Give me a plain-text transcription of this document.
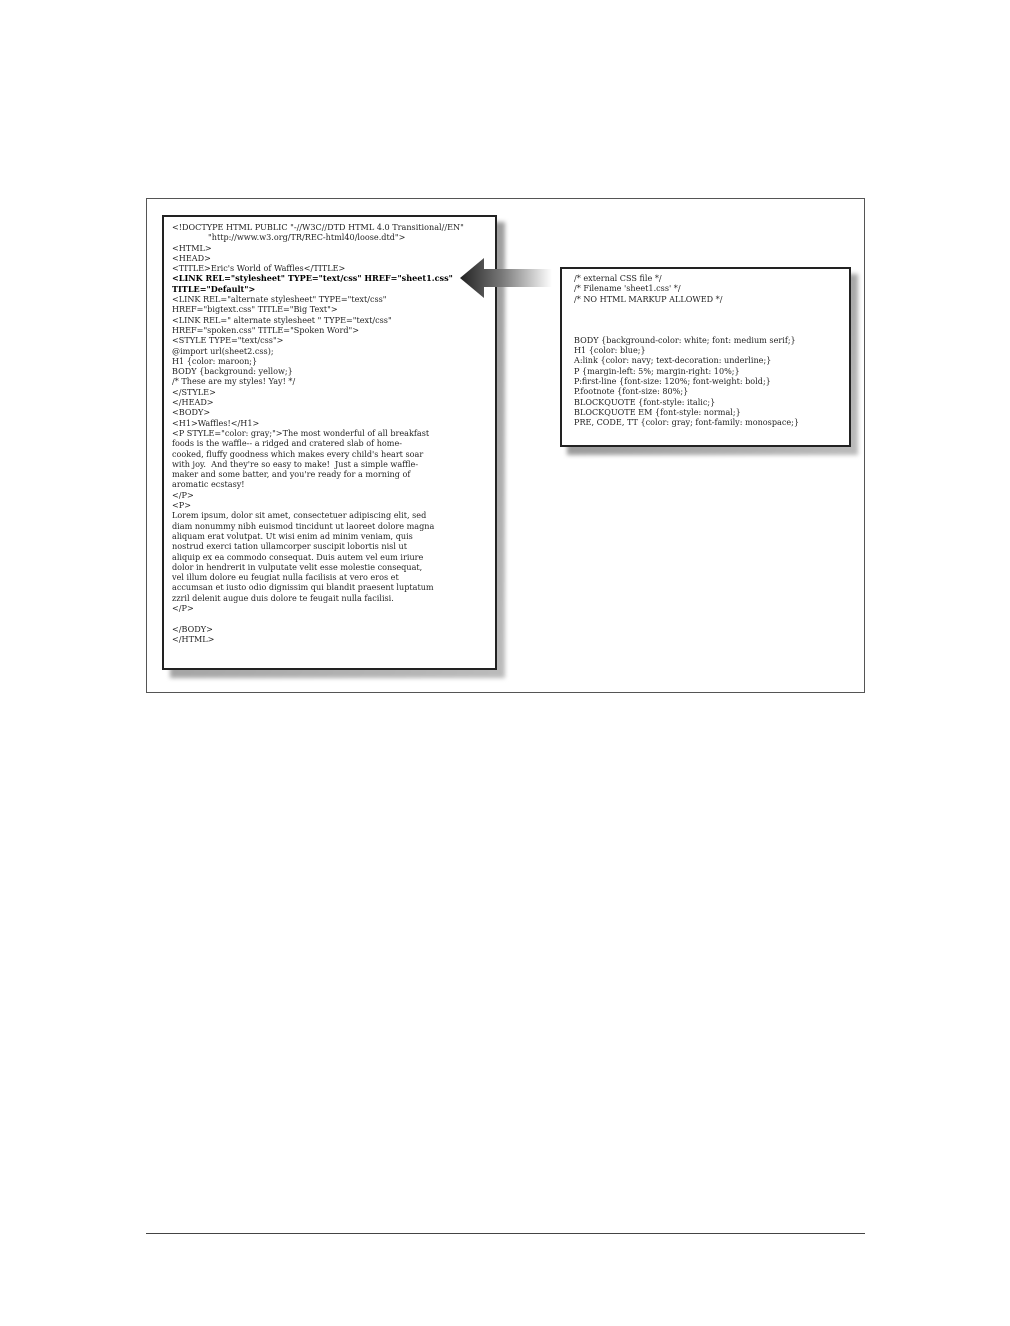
<!DOCTYPE HTML PUBLIC "-//W3C//DTD HTML 4.0 Transitional//EN"
"http://www.w3.org/TR/REC-html40/loose.dtd">
<HTML>
<HEAD>
<TITLE>Eric's World of Waffles</TITLE>
<LINK REL="stylesheet" TYPE="text/css" HREF="sheet1.css"
TITLE="Default">
<LINK REL="alternate stylesheet" TYPE="text/css"
HREF="bigtext.css" TITLE="Big Text">
<LINK REL=" alternate stylesheet " TYPE="text/css"
HREF="spoken.css" TITLE="Spoken Word">
<STYLE TYPE="text/css">
@import url(sheet2.css);
H1 {color: maroon;}
BODY {background: yellow;}
/* These are my styles! Yay! */
</STYLE>
</HEAD>
<BODY>
<H1>Waffles!</H1>
<P STYLE="color: gray;">The most wonderful of all breakfast
foods is the waffle-- a ridged and cratered slab of home-
cooked, fluffy goodness which makes every child's heart soar
with joy.  And they're so easy to make!  Just a simple waffle-
maker and some batter, and you're ready for a morning of
aromatic ecstasy!
</P>
<P>
Lorem ipsum, dolor sit amet, consectetuer adipiscing elit, sed
diam nonummy nibh euismod tincidunt ut laoreet dolore magna
aliquam erat volutpat. Ut wisi enim ad minim veniam, quis
nostrud exerci tation ullamcorper suscipit lobortis nisl ut
aliquip ex ea commodo consequat. Duis autem vel eum iriure
dolor in hendrerit in vulputate velit esse molestie consequat,
vel illum dolore eu feugiat nulla facilisis at vero eros et
accumsan et iusto odio dignissim qui blandit praesent luptatum
zzril delenit augue duis dolore te feugait nulla facilisi.
</P>
</BODY>
</HTML>
/* external CSS file */
/* Filename 'sheet1.css' */
/* NO HTML MARKUP ALLOWED */
BODY {background-color: white; font: medium serif;}
H1 {color: blue;}
A:link {color: navy; text-decoration: underline;}
P {margin-left: 5%; margin-right: 10%;}
P:first-line {font-size: 120%; font-weight: bold;}
P.footnote {font-size: 80%;}
BLOCKQUOTE {font-style: italic;}
BLOCKQUOTE EM {font-style: normal;}
PRE, CODE, TT {color: gray; font-family: monospace;}
